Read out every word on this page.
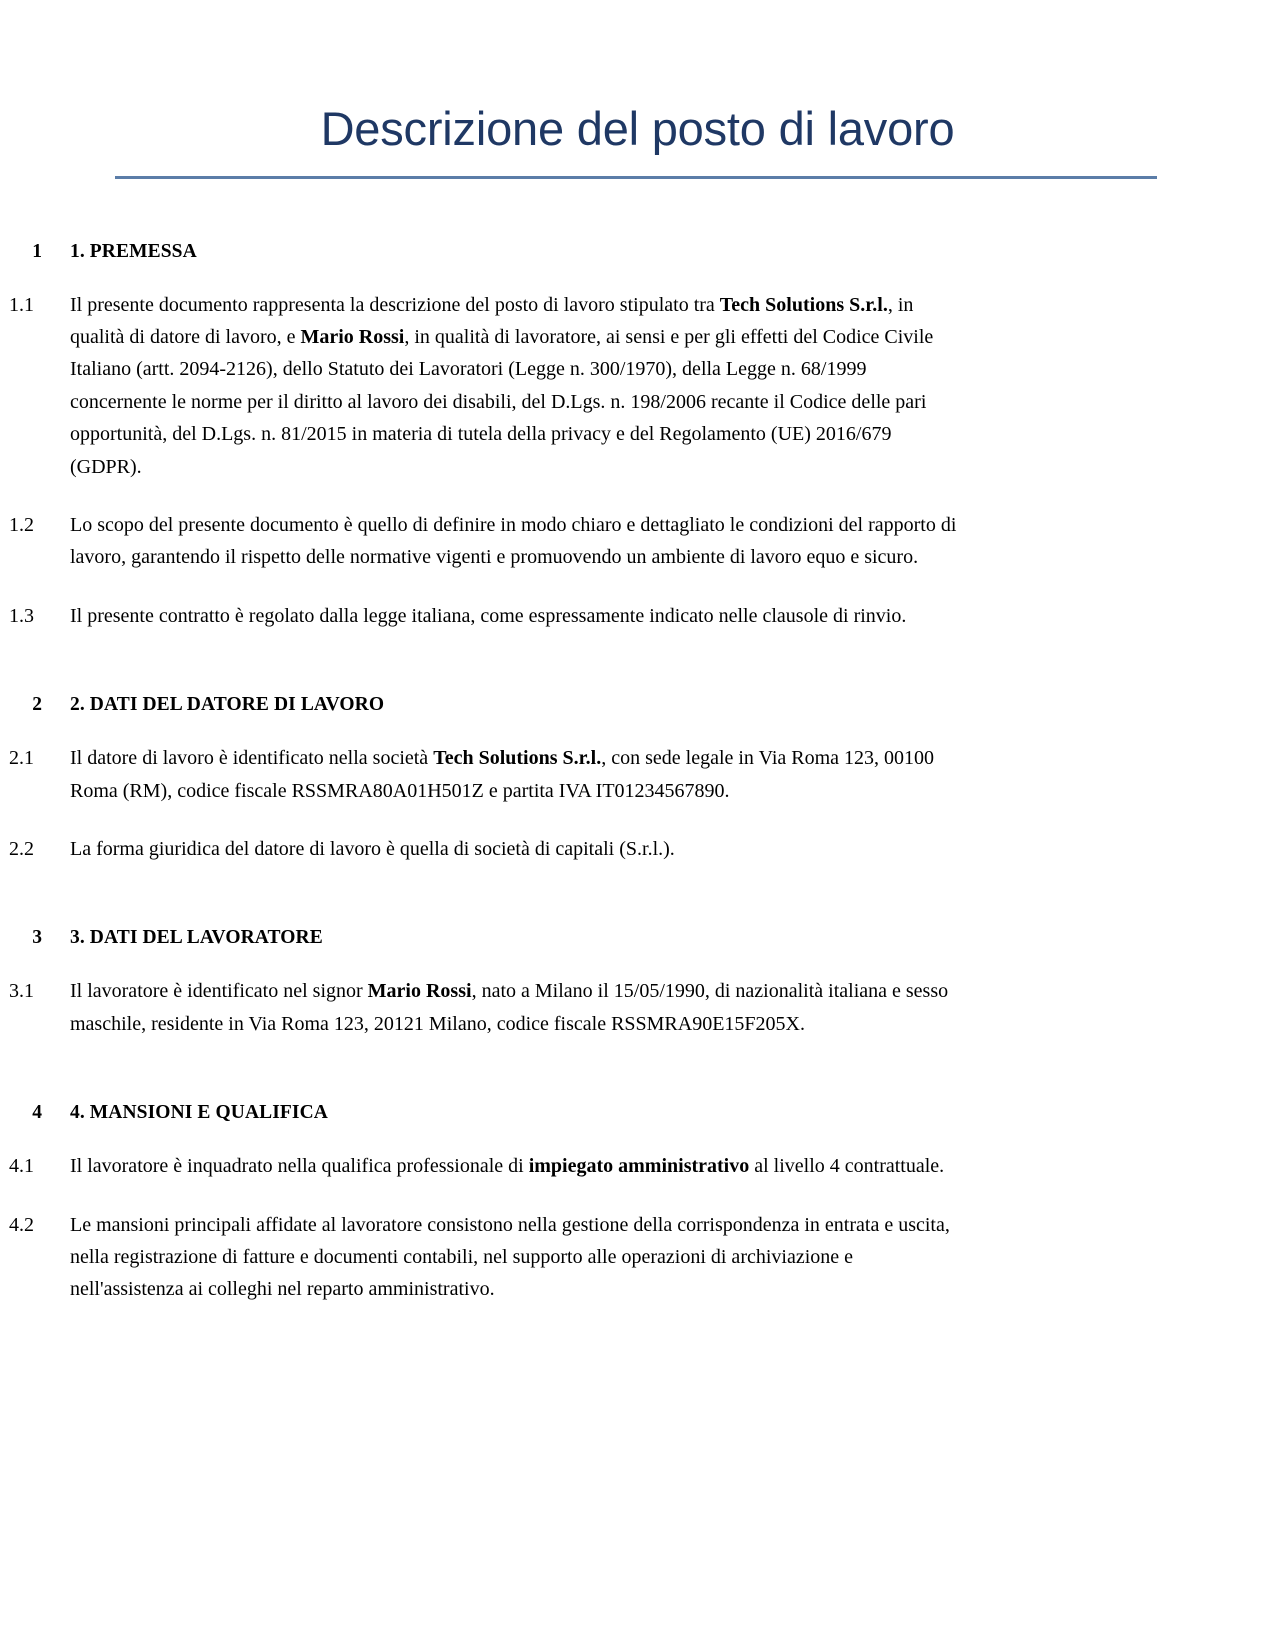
Descrizione del posto di lavoro
1	1. PREMESSA
1.1	Il presente documento rappresenta la descrizione del posto di lavoro stipulato tra Tech Solutions S.r.l., in qualità di datore di lavoro, e Mario Rossi, in qualità di lavoratore, ai sensi e per gli effetti del Codice Civile Italiano (artt. 2094-2126), dello Statuto dei Lavoratori (Legge n. 300/1970), della Legge n. 68/1999 concernente le norme per il diritto al lavoro dei disabili, del D.Lgs. n. 198/2006 recante il Codice delle pari opportunità, del D.Lgs. n. 81/2015 in materia di tutela della privacy e del Regolamento (UE) 2016/679 (GDPR).
1.2	Lo scopo del presente documento è quello di definire in modo chiaro e dettagliato le condizioni del rapporto di lavoro, garantendo il rispetto delle normative vigenti e promuovendo un ambiente di lavoro equo e sicuro.
1.3	Il presente contratto è regolato dalla legge italiana, come espressamente indicato nelle clausole di rinvio.
2	2. DATI DEL DATORE DI LAVORO
2.1	Il datore di lavoro è identificato nella società Tech Solutions S.r.l., con sede legale in Via Roma 123, 00100 Roma (RM), codice fiscale RSSMRA80A01H501Z e partita IVA IT01234567890.
2.2	La forma giuridica del datore di lavoro è quella di società di capitali (S.r.l.).
3	3. DATI DEL LAVORATORE
3.1	Il lavoratore è identificato nel signor Mario Rossi, nato a Milano il 15/05/1990, di nazionalità italiana e sesso maschile, residente in Via Roma 123, 20121 Milano, codice fiscale RSSMRA90E15F205X.
4	4. MANSIONI E QUALIFICA
4.1	Il lavoratore è inquadrato nella qualifica professionale di impiegato amministrativo al livello 4 contrattuale.
4.2	Le mansioni principali affidate al lavoratore consistono nella gestione della corrispondenza in entrata e uscita, nella registrazione di fatture e documenti contabili, nel supporto alle operazioni di archiviazione e nell'assistenza ai colleghi nel reparto amministrativo.
